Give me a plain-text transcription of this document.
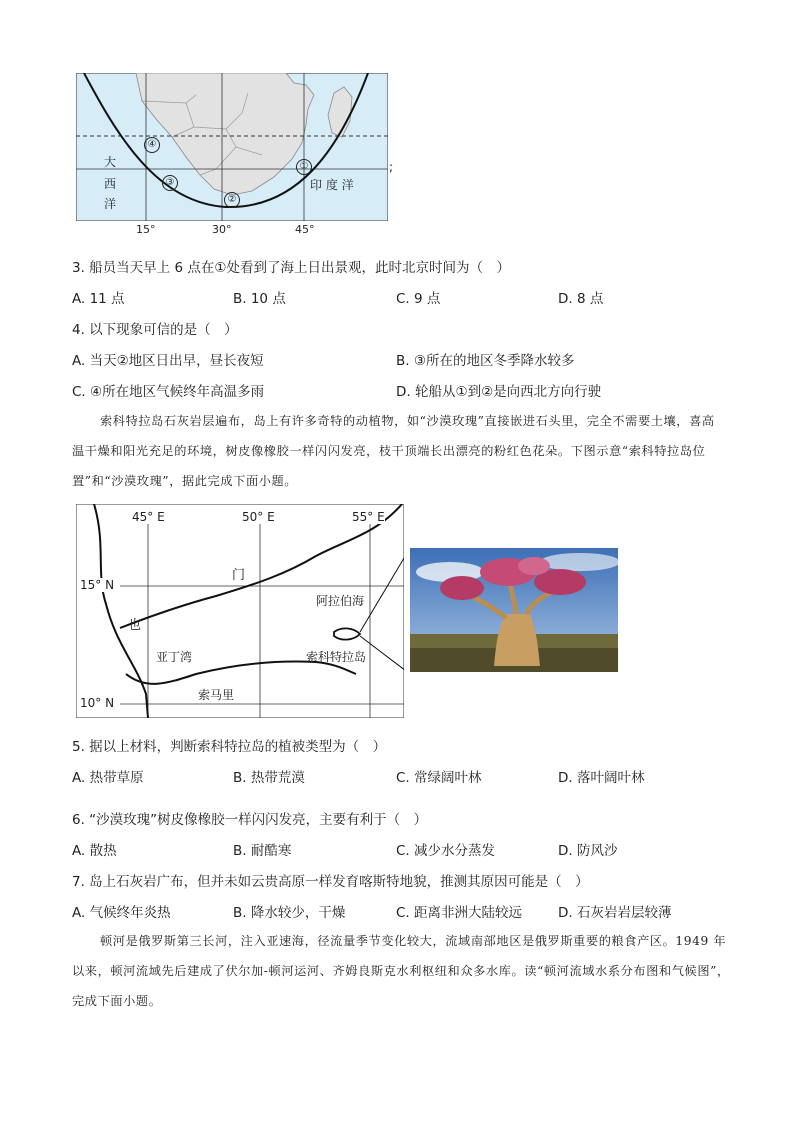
大
西
洋
印 度 洋
①
②
③
④
;
15°	30°	45°
3. 船员当天早上 6 点在①处看到了海上日出景观，此时北京时间为（　）
A. 11 点	B. 10 点	C. 9 点	D. 8 点
4. 以下现象可信的是（　）
A. 当天②地区日出早，昼长夜短	B. ③所在的地区冬季降水较多
C. ④所在地区气候终年高温多雨	D. 轮船从①到②是向西北方向行驶
索科特拉岛石灰岩层遍布，岛上有许多奇特的动植物，如“沙漠玫瑰”直接嵌进石头里，完全不需要土壤，喜高温干燥和阳光充足的环境，树皮像橡胶一样闪闪发亮，枝干顶端长出漂亮的粉红色花朵。下图示意“索科特拉岛位置”和“沙漠玫瑰”，据此完成下面小题。
45° E	50° E	55° E
15° N
10° N
门
也
阿拉伯海
亚丁湾	索科特拉岛
索马里
5. 据以上材料，判断索科特拉岛的植被类型为（　）
A. 热带草原	B. 热带荒漠	C. 常绿阔叶林	D. 落叶阔叶林
6. “沙漠玫瑰”树皮像橡胶一样闪闪发亮，主要有利于（　）
A. 散热	B. 耐酷寒	C. 减少水分蒸发	D. 防风沙
7. 岛上石灰岩广布，但并未如云贵高原一样发育喀斯特地貌，推测其原因可能是（　）
A. 气候终年炎热	B. 降水较少，干燥	C. 距离非洲大陆较远	D. 石灰岩岩层较薄
顿河是俄罗斯第三长河，注入亚速海，径流量季节变化较大，流域南部地区是俄罗斯重要的粮食产区。1949 年以来，顿河流域先后建成了伏尔加-顿河运河、齐姆良斯克水利枢纽和众多水库。读“顿河流域水系分布图和气候图”，完成下面小题。
